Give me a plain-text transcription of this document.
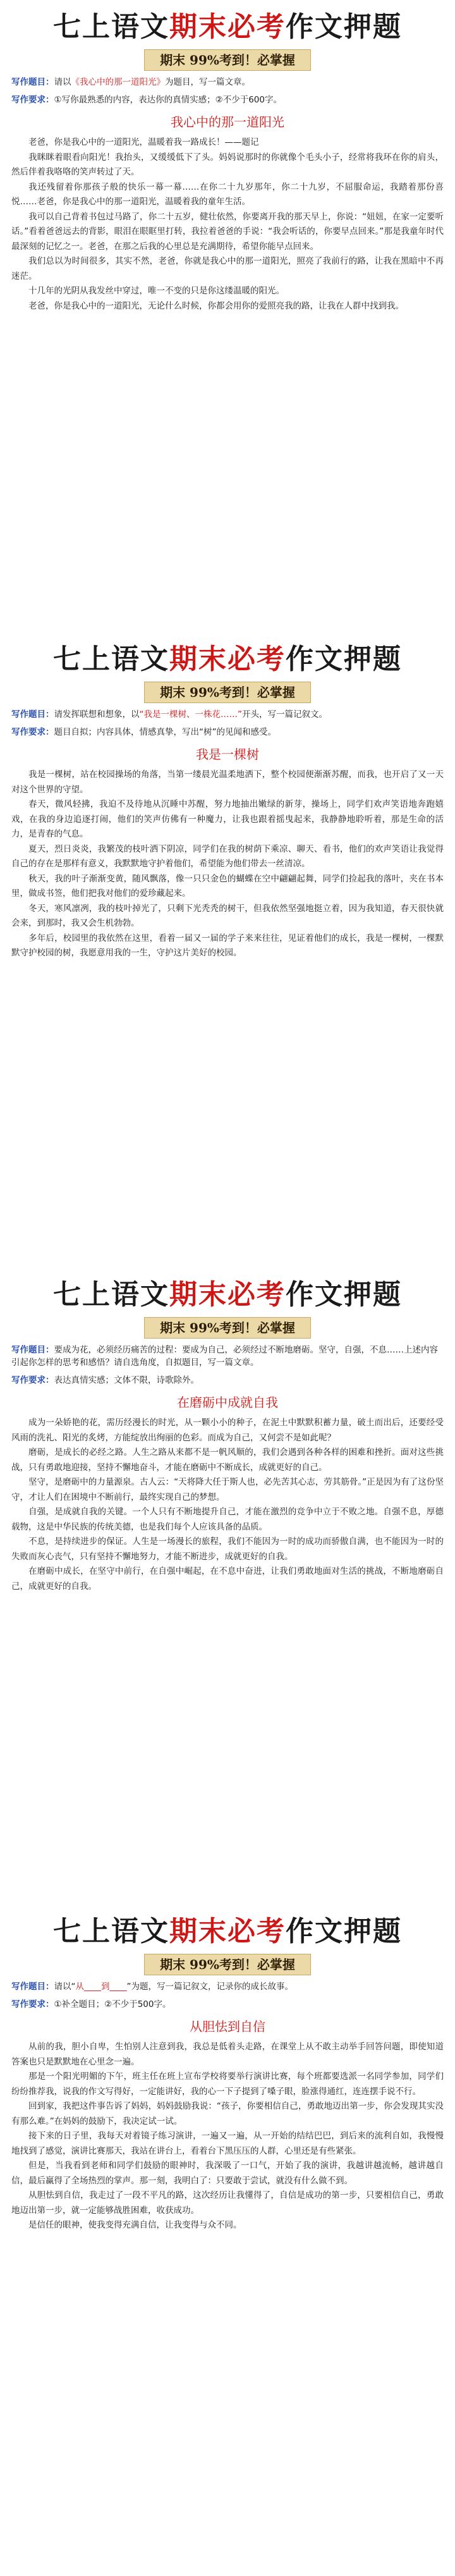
七上语文期末必考作文押题
期末 99%考到！必掌握
写作题目：请以《我心中的那一道阳光》为题目，写一篇文章。
写作要求：①写你最熟悉的内容，表达你的真情实感；②不少于600字。
我心中的那一道阳光

老爸，你是我心中的一道阳光，温暖着我一路成长！——题记

我眯眯着眼看向阳光！我抬头，又缓缓低下了头。妈妈说那时的你就像个毛头小子，经常将我环在你的肩头，然后伴着我咯咯的笑声转过了天。

我还残留着你那孩子般的快乐一幕一幕……在你二十九岁那年，你二十九岁，不屈服命运，我踏着那份喜悦……老爸，你是我心中的那一道阳光，温暖着我的童年生活。

我可以自己背着书包过马路了，你二十五岁，健壮依然，你要离开我的那天早上，你说：“妞妞，在家一定要听话。”看着爸爸远去的背影，眼泪在眼眶里打转，我拉着爸爸的手说：“我会听话的，你要早点回来。”那是我童年时代最深刻的记忆之一。老爸，在那之后我的心里总是充满期待，希望你能早点回来。

我们总以为时间很多，其实不然，老爸，你就是我心中的那一道阳光，照亮了我前行的路，让我在黑暗中不再迷茫。

十几年的光阴从我发丝中穿过，唯一不变的只是你这缕温暖的阳光。

老爸，你是我心中的一道阳光，无论什么时候，你都会用你的爱照亮我的路，让我在人群中找到我。

七上语文期末必考作文押题
期末 99%考到！必掌握
写作题目：请发挥联想和想象，以“我是一棵树、一株花……”开头，写一篇记叙文。
写作要求：题目自拟；内容具体，情感真挚，写出“树”的见闻和感受。
我是一棵树

我是一棵树，站在校园操场的角落，当第一缕晨光温柔地洒下，整个校园便渐渐苏醒，而我，也开启了又一天对这个世界的守望。

春天，微风轻拂，我迫不及待地从沉睡中苏醒，努力地抽出嫩绿的新芽，操场上，同学们欢声笑语地奔跑嬉戏，在我的身边追逐打闹，他们的笑声仿佛有一种魔力，让我也跟着摇曳起来，我静静地聆听着，那是生命的活力，是青春的气息。

夏天，烈日炎炎，我繁茂的枝叶洒下阴凉，同学们在我的树荫下乘凉、聊天、看书，他们的欢声笑语让我觉得自己的存在是那样有意义，我默默地守护着他们，希望能为他们带去一丝清凉。

秋天，我的叶子渐渐变黄，随风飘落，像一只只金色的蝴蝶在空中翩翩起舞，同学们捡起我的落叶，夹在书本里，做成书签，他们把我对他们的爱珍藏起来。

冬天，寒风凛冽，我的枝叶掉光了，只剩下光秃秃的树干，但我依然坚强地挺立着，因为我知道，春天很快就会来，到那时，我又会生机勃勃。

多年后，校园里的我依然在这里，看着一届又一届的学子来来往往，见证着他们的成长，我是一棵树，一棵默默守护校园的树，我愿意用我的一生，守护这片美好的校园。

七上语文期末必考作文押题
期末 99%考到！必掌握
写作题目：要成为花，必须经历痛苦的过程：要成为自己，必须经过不断地磨砺。坚守，自强，不息……上述内容引起你怎样的思考和感悟？请自选角度，自拟题目，写一篇文章。
写作要求：表达真情实感；文体不限，诗歌除外。
在磨砺中成就自我

成为一朵娇艳的花，需历经漫长的时光，从一颗小小的种子，在泥土中默默积蓄力量，破土而出后，还要经受风雨的洗礼、阳光的炙烤，方能绽放出绚丽的色彩。而成为自己，又何尝不是如此呢？

磨砺，是成长的必经之路。人生之路从来都不是一帆风顺的，我们会遇到各种各样的困难和挫折。面对这些挑战，只有勇敢地迎接，坚持不懈地奋斗，才能在磨砺中不断成长，成就更好的自己。

坚守，是磨砺中的力量源泉。古人云：“天将降大任于斯人也，必先苦其心志，劳其筋骨。”正是因为有了这份坚守，才让人们在困境中不断前行，最终实现自己的梦想。

自强，是成就自我的关键。一个人只有不断地提升自己，才能在激烈的竞争中立于不败之地。自强不息，厚德载物，这是中华民族的传统美德，也是我们每个人应该具备的品质。

不息，是持续进步的保证。人生是一场漫长的旅程，我们不能因为一时的成功而骄傲自满，也不能因为一时的失败而灰心丧气，只有坚持不懈地努力，才能不断进步，成就更好的自我。

在磨砺中成长，在坚守中前行，在自强中崛起，在不息中奋进，让我们勇敢地面对生活的挑战，不断地磨砺自己，成就更好的自我。

七上语文期末必考作文押题
期末 99%考到！必掌握
写作题目：请以“从____到____”为题，写一篇记叙文，记录你的成长故事。
写作要求：①补全题目；②不少于500字。
从胆怯到自信

从前的我，胆小自卑，生怕别人注意到我，我总是低着头走路，在课堂上从不敢主动举手回答问题，即使知道答案也只是默默地在心里念一遍。

那是一个阳光明媚的下午，班主任在班上宣布学校将要举行演讲比赛，每个班都要选派一名同学参加，同学们纷纷推荐我，说我的作文写得好，一定能讲好，我的心一下子提到了嗓子眼，脸涨得通红，连连摆手说不行。

回到家，我把这件事告诉了妈妈，妈妈鼓励我说：“孩子，你要相信自己，勇敢地迈出第一步，你会发现其实没有那么难。”在妈妈的鼓励下，我决定试一试。

接下来的日子里，我每天对着镜子练习演讲，一遍又一遍，从一开始的结结巴巴，到后来的流利自如，我慢慢地找到了感觉，演讲比赛那天，我站在讲台上，看着台下黑压压的人群，心里还是有些紧张。

但是，当我看到老师和同学们鼓励的眼神时，我深吸了一口气，开始了我的演讲，我越讲越流畅，越讲越自信，最后赢得了全场热烈的掌声。那一刻，我明白了：只要敢于尝试，就没有什么做不到。

从胆怯到自信，我走过了一段不平凡的路，这次经历让我懂得了，自信是成功的第一步，只要相信自己，勇敢地迈出第一步，就一定能够战胜困难，收获成功。

是信任的眼神，使我变得充满自信，让我变得与众不同。
